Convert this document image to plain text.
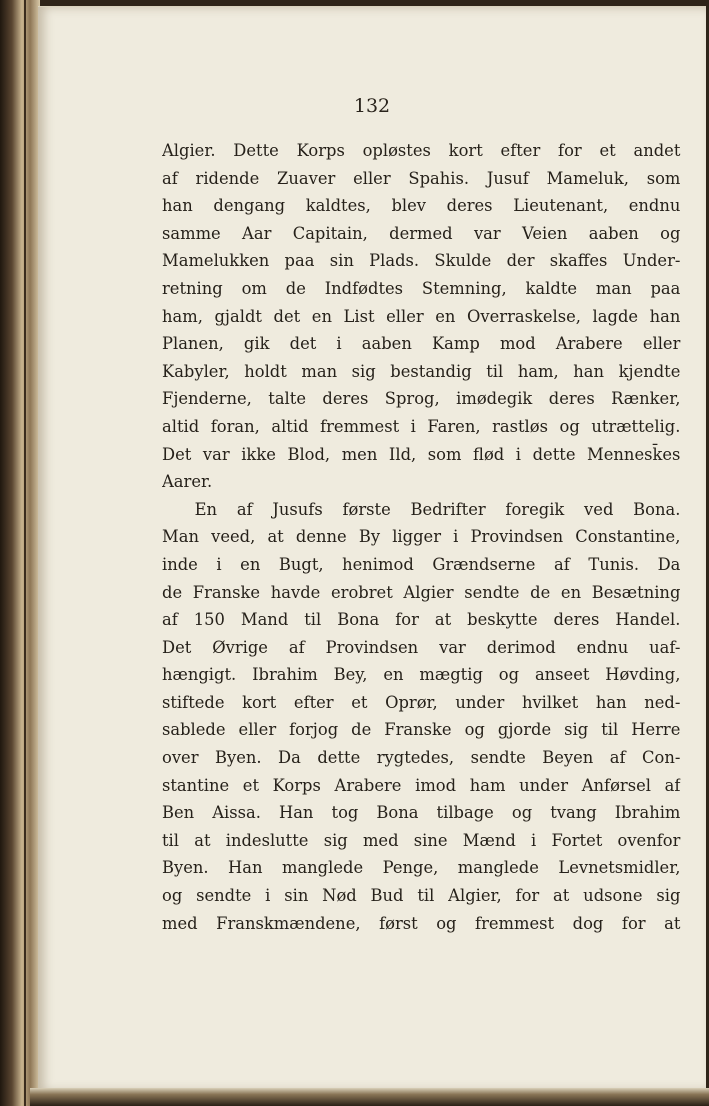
132
Algier. Dette Korps opløstes kort efter for et andet
af ridende Zuaver eller Spahis. Jusuf Mameluk, som
han dengang kaldtes, blev deres Lieutenant, endnu
samme Aar Capitain, dermed var Veien aaben og
Mamelukken paa sin Plads. Skulde der skaffes Under-
retning om de Indfødtes Stemning, kaldte man paa
ham, gjaldt det en List eller en Overraskelse, lagde han
Planen, gik det i aaben Kamp mod Arabere eller
Kabyler, holdt man sig bestandig til ham, han kjendte
Fjenderne, talte deres Sprog, imødegik deres Rænker,
altid foran, altid fremmest i Faren, rastløs og utrættelig.
Det var ikke Blod, men Ild, som flød i dette Mennesk̄es
Aarer.
En af Jusufs første Bedrifter foregik ved Bona.
Man veed, at denne By ligger i Provindsen Constantine,
inde i en Bugt, henimod Grændserne af Tunis. Da
de Franske havde erobret Algier sendte de en Besætning
af 150 Mand til Bona for at beskytte deres Handel.
Det Øvrige af Provindsen var derimod endnu uaf-
hængigt. Ibrahim Bey, en mægtig og anseet Høvding,
stiftede kort efter et Oprør, under hvilket han ned-
sablede eller forjog de Franske og gjorde sig til Herre
over Byen. Da dette rygtedes, sendte Beyen af Con-
stantine et Korps Arabere imod ham under Anførsel af
Ben Aissa. Han tog Bona tilbage og tvang Ibrahim
til at indeslutte sig med sine Mænd i Fortet ovenfor
Byen. Han manglede Penge, manglede Levnetsmidler,
og sendte i sin Nød Bud til Algier, for at udsone sig
med Franskmændene, først og fremmest dog for at
